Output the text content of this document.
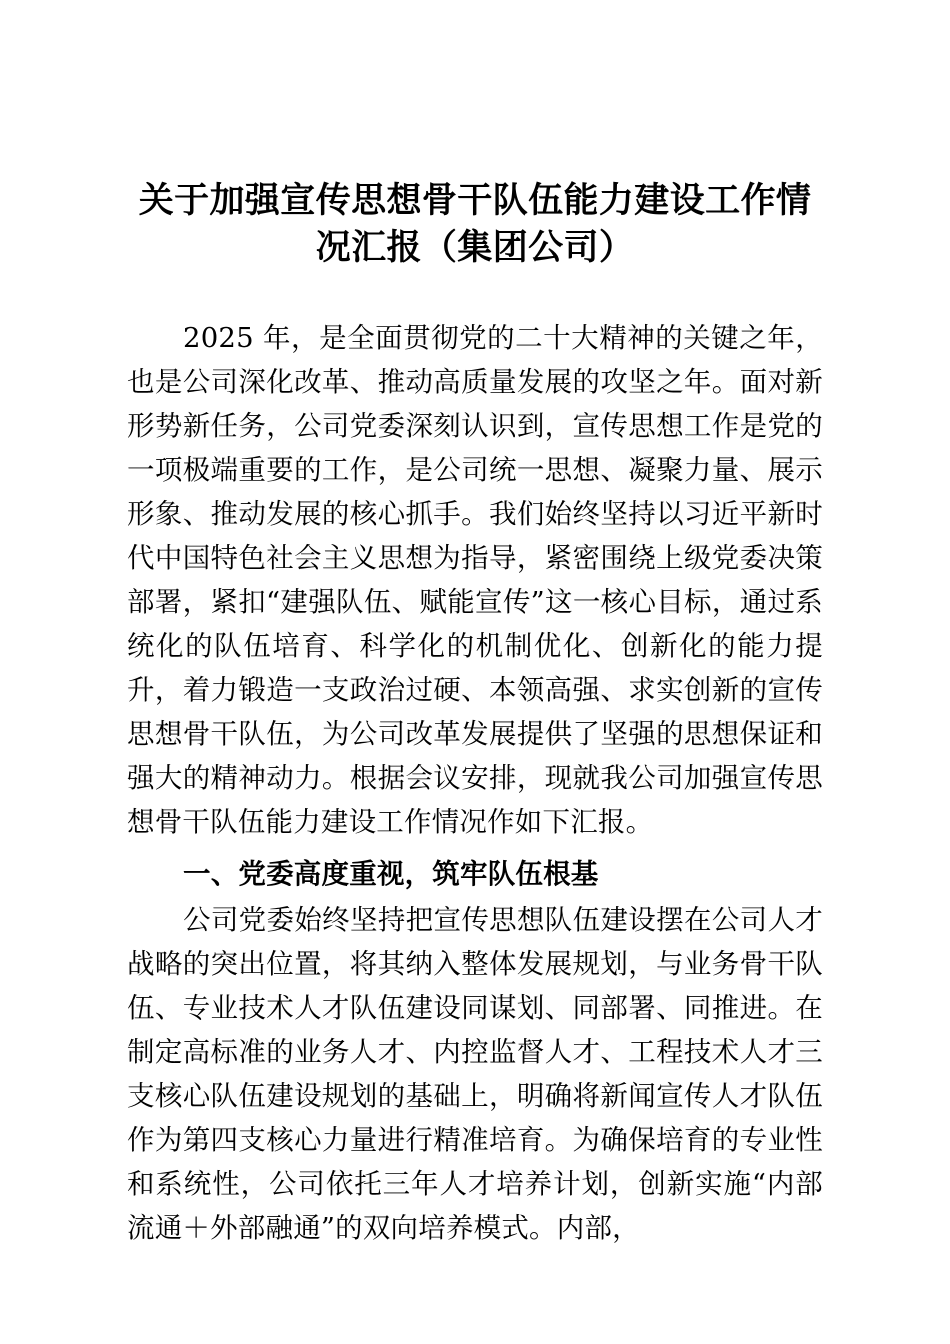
关于加强宣传思想骨干队伍能力建设工作情况汇报（集团公司）

2025 年，是全面贯彻党的二十大精神的关键之年，也是公司深化改革、推动高质量发展的攻坚之年。面对新形势新任务，公司党委深刻认识到，宣传思想工作是党的一项极端重要的工作，是公司统一思想、凝聚力量、展示形象、推动发展的核心抓手。我们始终坚持以习近平新时代中国特色社会主义思想为指导，紧密围绕上级党委决策部署，紧扣“建强队伍、赋能宣传”这一核心目标，通过系统化的队伍培育、科学化的机制优化、创新化的能力提升，着力锻造一支政治过硬、本领高强、求实创新的宣传思想骨干队伍，为公司改革发展提供了坚强的思想保证和强大的精神动力。根据会议安排，现就我公司加强宣传思想骨干队伍能力建设工作情况作如下汇报。

一、党委高度重视，筑牢队伍根基

公司党委始终坚持把宣传思想队伍建设摆在公司人才战略的突出位置，将其纳入整体发展规划，与业务骨干队伍、专业技术人才队伍建设同谋划、同部署、同推进。在制定高标准的业务人才、内控监督人才、工程技术人才三支核心队伍建设规划的基础上，明确将新闻宣传人才队伍作为第四支核心力量进行精准培育。为确保培育的专业性和系统性，公司依托三年人才培养计划，创新实施“内部流通＋外部融通”的双向培养模式。内部，
